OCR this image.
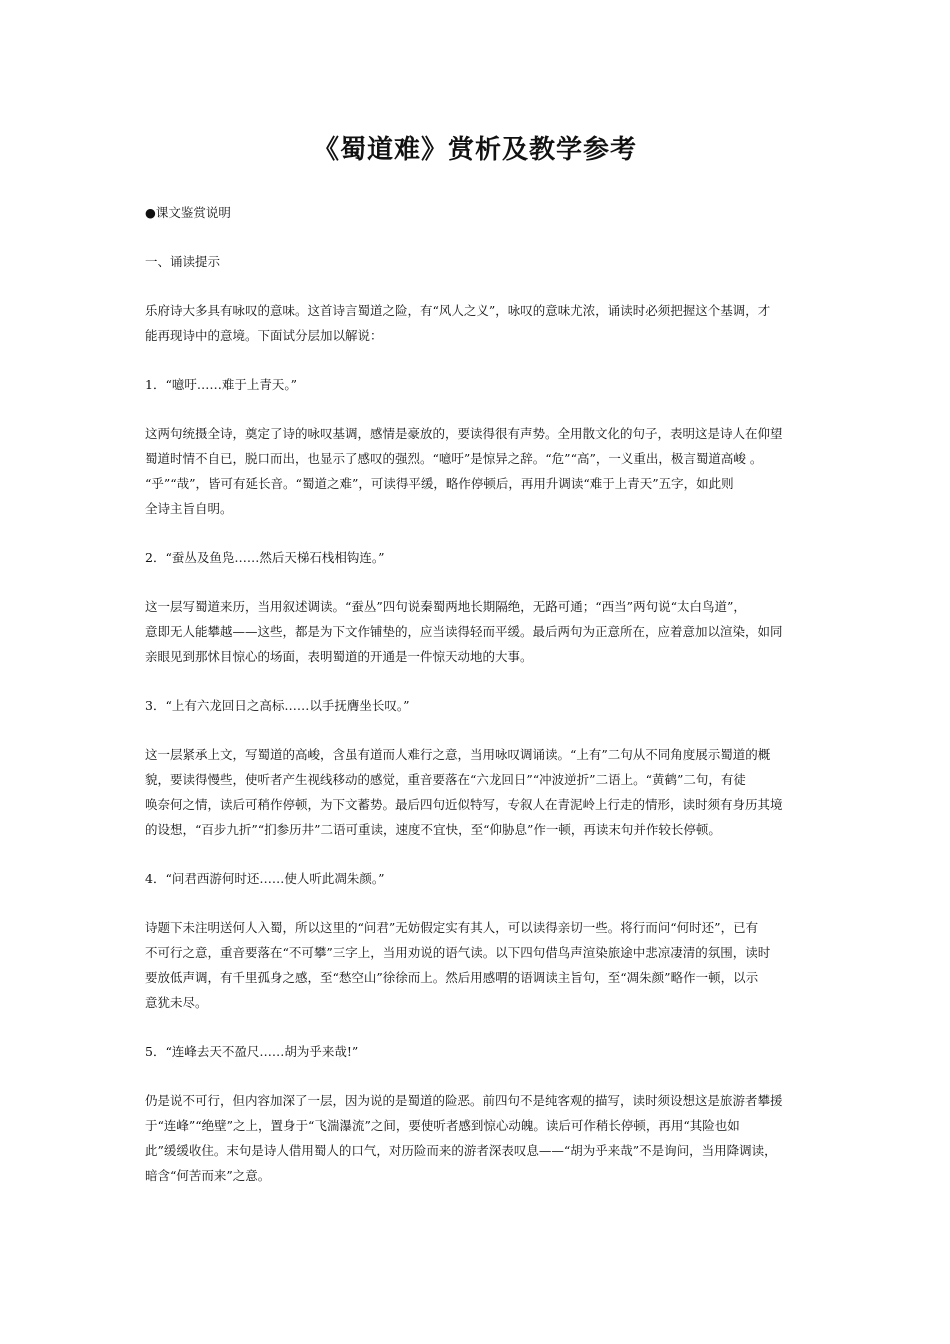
《蜀道难》赏析及教学参考

●课文鉴赏说明

一、诵读提示

乐府诗大多具有咏叹的意味。这首诗言蜀道之险，有“风人之义”，咏叹的意味尤浓，诵读时必须把握这个基调，才

能再现诗中的意境。下面试分层加以解说：

1．“噫吁……难于上青天。”

这两句统摄全诗，奠定了诗的咏叹基调，感情是豪放的，要读得很有声势。全用散文化的句子，表明这是诗人在仰望

蜀道时情不自已，脱口而出，也显示了感叹的强烈。“噫吁”是惊异之辞。“危”“高”，一义重出，极言蜀道高峻 。

“乎”“哉”，皆可有延长音。“蜀道之难”，可读得平缓，略作停顿后，再用升调读“难于上青天”五字，如此则

全诗主旨自明。

2．“蚕丛及鱼凫……然后天梯石栈相钩连。”

这一层写蜀道来历，当用叙述调读。“蚕丛”四句说秦蜀两地长期隔绝，无路可通；“西当”两句说“太白鸟道”，

意即无人能攀越——这些，都是为下文作铺垫的，应当读得轻而平缓。最后两句为正意所在，应着意加以渲染，如同

亲眼见到那怵目惊心的场面，表明蜀道的开通是一件惊天动地的大事。

3．“上有六龙回日之高标……以手抚膺坐长叹。”

这一层紧承上文，写蜀道的高峻，含虽有道而人难行之意，当用咏叹调诵读。“上有”二句从不同角度展示蜀道的概

貌，要读得慢些，使听者产生视线移动的感觉，重音要落在“六龙回日”“冲波逆折”二语上。“黄鹤”二句，有徒

唤奈何之情，读后可稍作停顿，为下文蓄势。最后四句近似特写，专叙人在青泥岭上行走的情形，读时须有身历其境

的设想，“百步九折”“扪参历井”二语可重读，速度不宜快，至“仰胁息”作一顿，再读末句并作较长停顿。

4．“问君西游何时还……使人听此凋朱颜。”

诗题下未注明送何人入蜀，所以这里的“问君”无妨假定实有其人，可以读得亲切一些。将行而问“何时还”，已有

不可行之意，重音要落在“不可攀”三字上，当用劝说的语气读。以下四句借鸟声渲染旅途中悲凉凄清的氛围，读时

要放低声调，有千里孤身之感，至“愁空山”徐徐而上。然后用感喟的语调读主旨句，至“凋朱颜”略作一顿，以示

意犹未尽。

5．“连峰去天不盈尺……胡为乎来哉!”

仍是说不可行，但内容加深了一层，因为说的是蜀道的险恶。前四句不是纯客观的描写，读时须设想这是旅游者攀援

于“连峰”“绝壁”之上，置身于“飞湍瀑流”之间，要使听者感到惊心动魄。读后可作稍长停顿，再用“其险也如

此”缓缓收住。末句是诗人借用蜀人的口气，对历险而来的游者深表叹息——“胡为乎来哉”不是询问，当用降调读，

暗含“何苦而来”之意。
